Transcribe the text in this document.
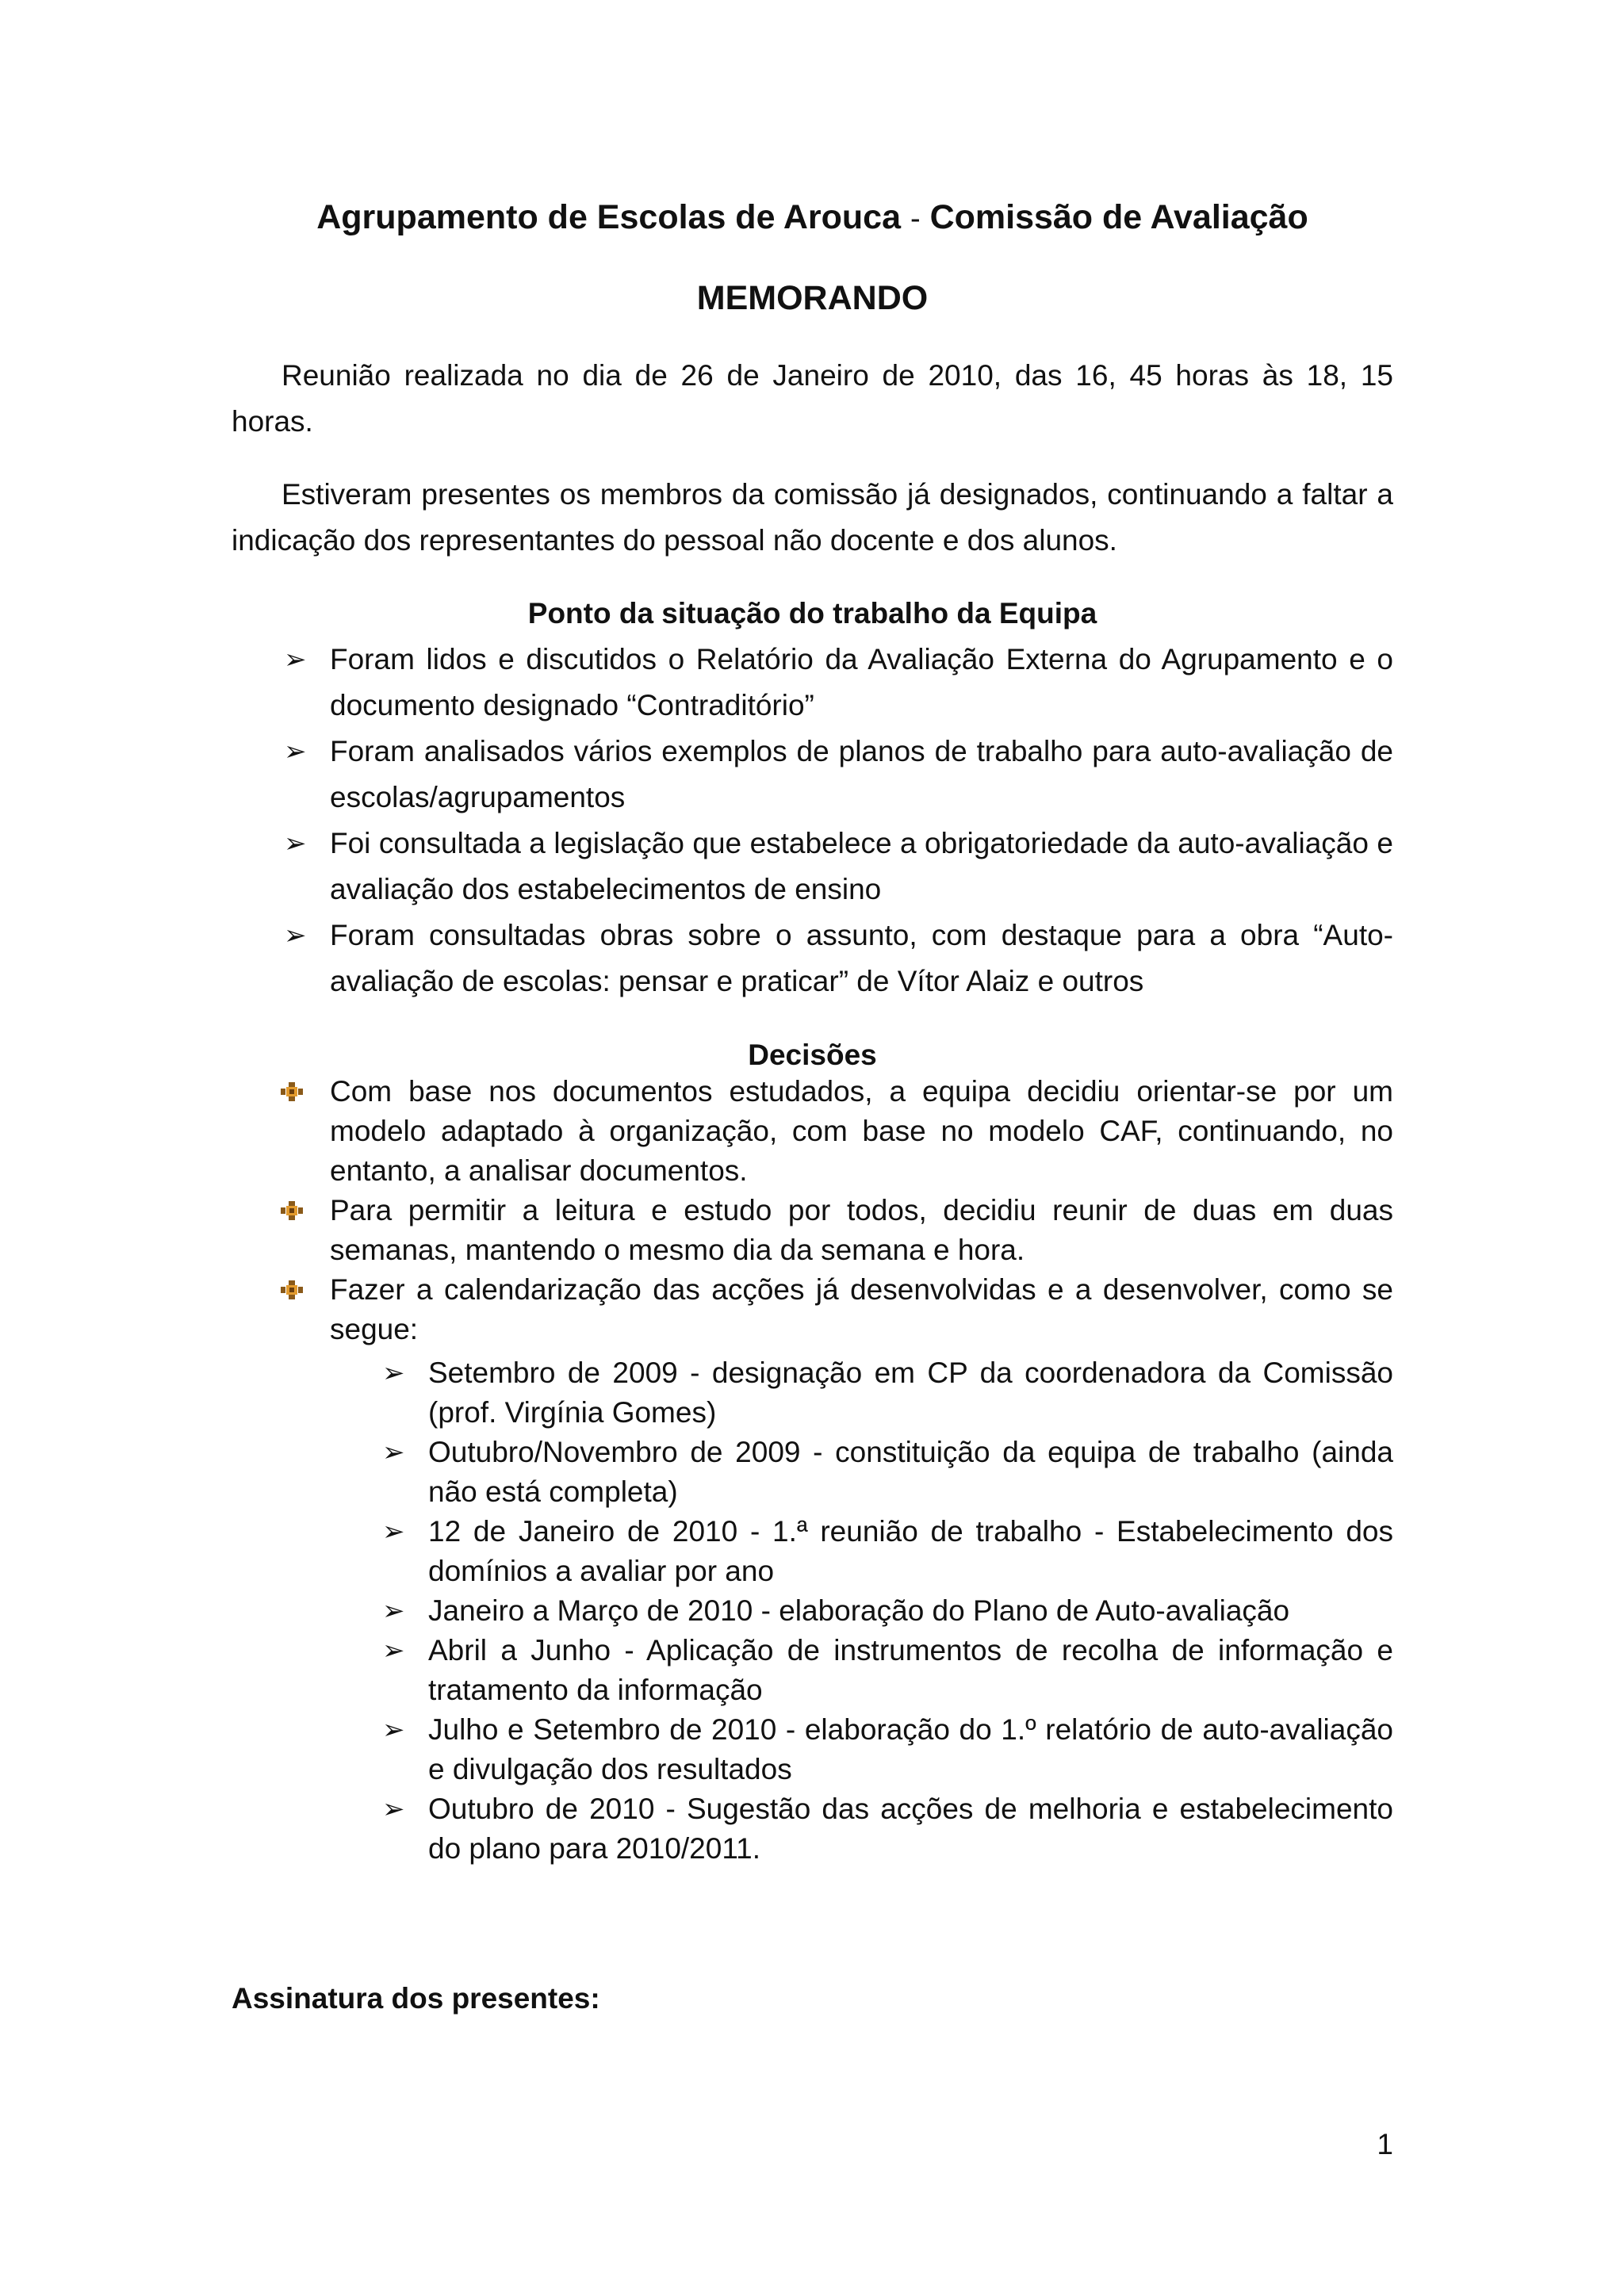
Agrupamento de Escolas de Arouca - Comissão de Avaliação
MEMORANDO
Reunião realizada no dia de 26 de Janeiro de 2010, das 16, 45 horas às 18, 15 horas.
Estiveram presentes os membros da comissão já designados, continuando a faltar a indicação dos representantes do pessoal não docente e dos alunos.
Ponto da situação do trabalho da Equipa
➢ Foram lidos e discutidos o Relatório da Avaliação Externa do Agrupamento e o documento designado “Contraditório”
➢ Foram analisados vários exemplos de planos de trabalho para auto-avaliação de escolas/agrupamentos
➢ Foi consultada a legislação que estabelece a obrigatoriedade da auto-avaliação e avaliação dos estabelecimentos de ensino
➢ Foram consultadas obras sobre o assunto, com destaque para a obra “Auto-avaliação de escolas: pensar e praticar” de Vítor Alaiz e outros
Decisões
Com base nos documentos estudados, a equipa decidiu orientar-se por um modelo adaptado à organização, com base no modelo CAF, continuando, no entanto, a analisar documentos.
Para permitir a leitura e estudo por todos, decidiu reunir de duas em duas semanas, mantendo o mesmo dia da semana e hora.
Fazer a calendarização das acções já desenvolvidas e a desenvolver, como se segue:
➢ Setembro de 2009 - designação em CP da coordenadora da Comissão (prof. Virgínia Gomes)
➢ Outubro/Novembro de 2009 - constituição da equipa de trabalho (ainda não está completa)
➢ 12 de Janeiro de 2010 - 1.ª reunião de trabalho - Estabelecimento dos domínios a avaliar por ano
➢ Janeiro a Março de 2010 - elaboração do Plano de Auto-avaliação
➢ Abril a Junho - Aplicação de instrumentos de recolha de informação e tratamento da informação
➢ Julho e Setembro de 2010 - elaboração do 1.º relatório de auto-avaliação e divulgação dos resultados
➢ Outubro de 2010 - Sugestão das acções de melhoria e estabelecimento do plano para 2010/2011.
Assinatura dos presentes:
1
